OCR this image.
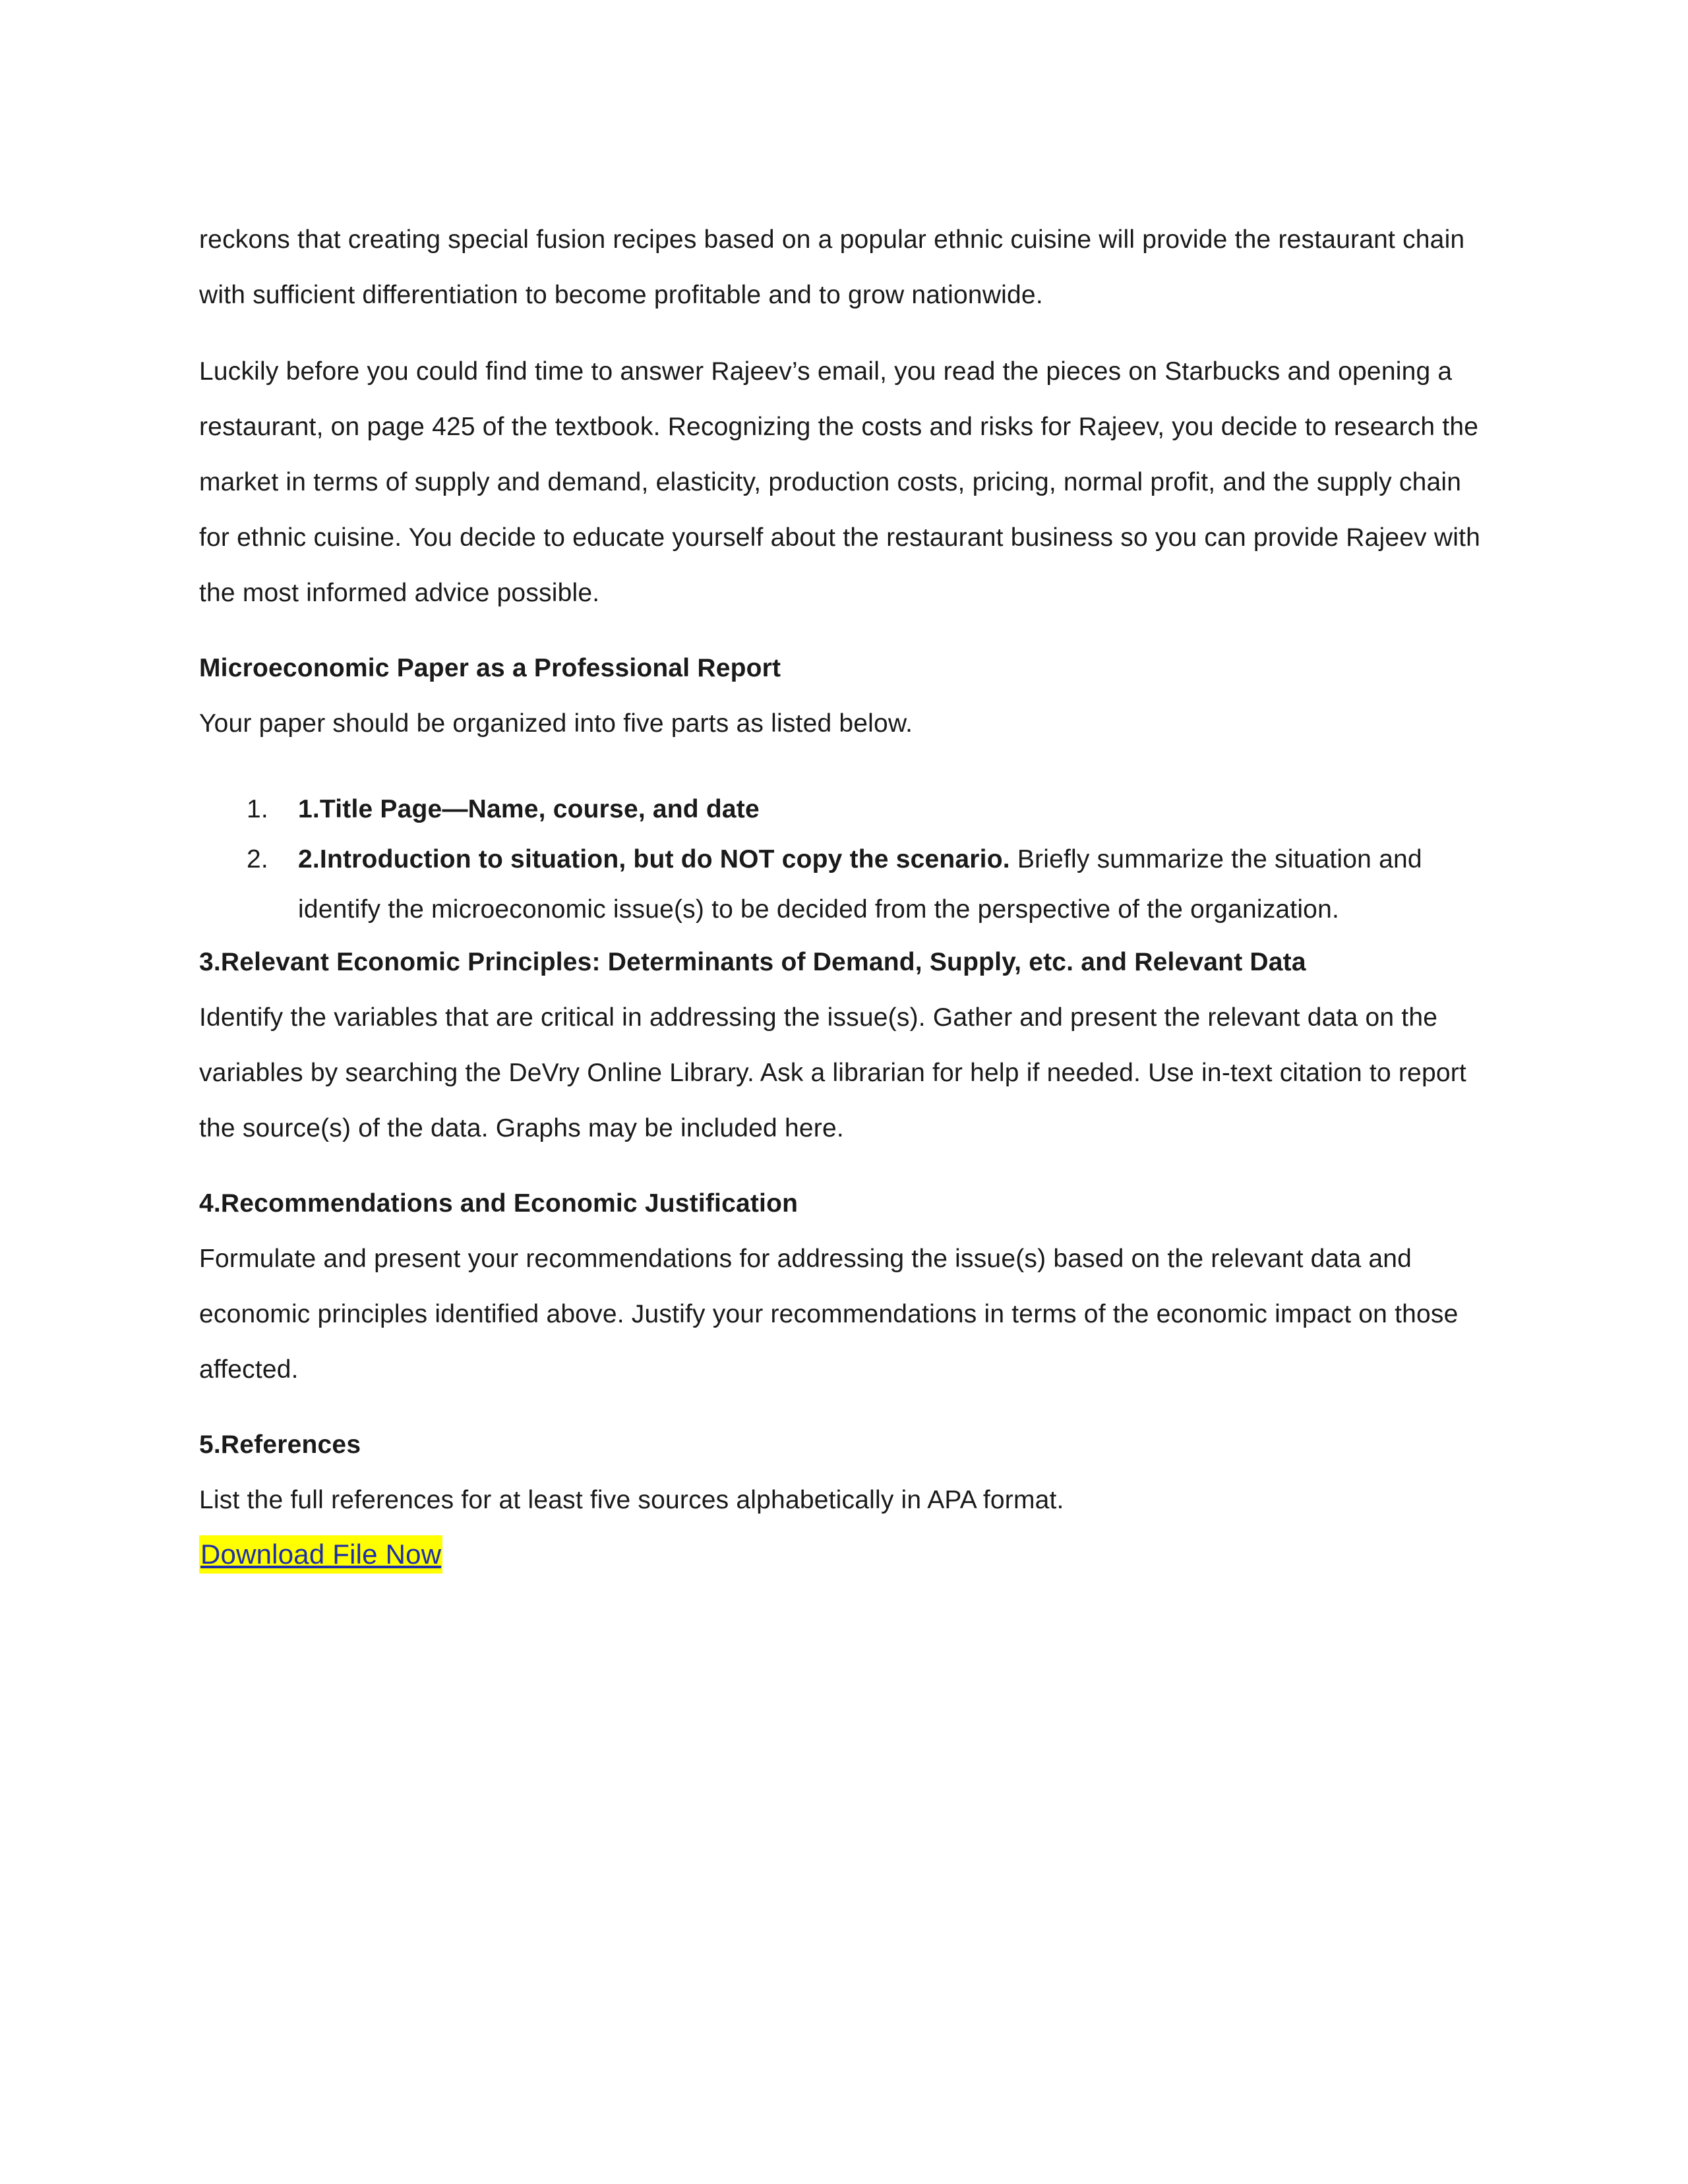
reckons that creating special fusion recipes based on a popular ethnic cuisine will provide the restaurant chain with sufficient differentiation to become profitable and to grow nationwide.

Luckily before you could find time to answer Rajeev’s email, you read the pieces on Starbucks and opening a restaurant, on page 425 of the textbook. Recognizing the costs and risks for Rajeev, you decide to research the market in terms of supply and demand, elasticity, production costs, pricing, normal profit, and the supply chain for ethnic cuisine. You decide to educate yourself about the restaurant business so you can provide Rajeev with the most informed advice possible.

Microeconomic Paper as a Professional Report

Your paper should be organized into five parts as listed below.

1. 1.Title Page—Name, course, and date
2. 2.Introduction to situation, but do NOT copy the scenario. Briefly summarize the situation and identify the microeconomic issue(s) to be decided from the perspective of the organization.

3.Relevant Economic Principles: Determinants of Demand, Supply, etc. and Relevant Data

Identify the variables that are critical in addressing the issue(s). Gather and present the relevant data on the variables by searching the DeVry Online Library. Ask a librarian for help if needed. Use in-text citation to report the source(s) of the data. Graphs may be included here.

4.Recommendations and Economic Justification

Formulate and present your recommendations for addressing the issue(s) based on the relevant data and economic principles identified above. Justify your recommendations in terms of the economic impact on those affected.

5.References

List the full references for at least five sources alphabetically in APA format.

Download File Now
